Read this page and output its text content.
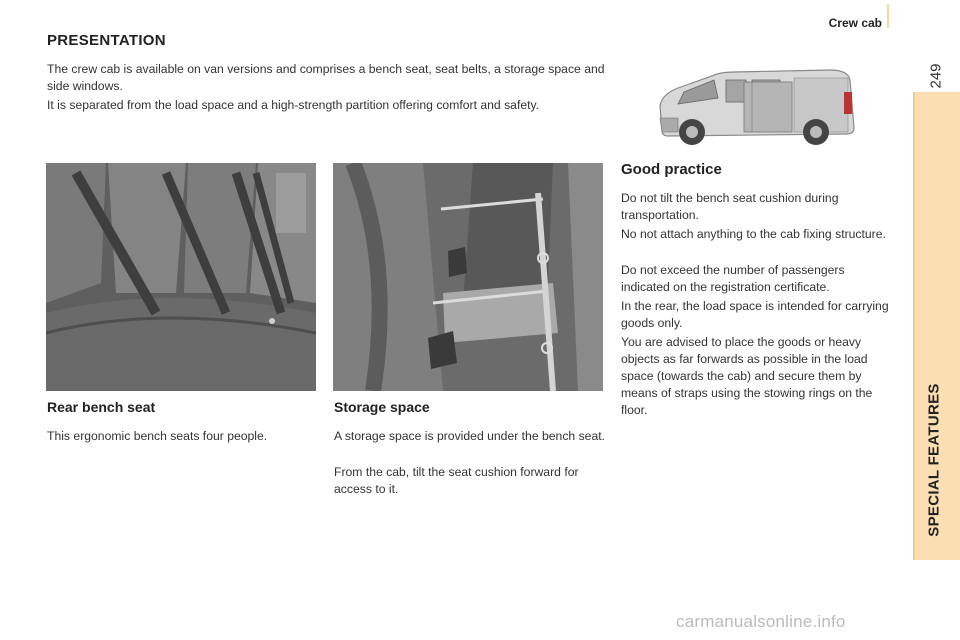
Crew cab
249
SPECIAL FEATURES
PRESENTATION

The crew cab is available on van versions and comprises a bench seat, seat belts, a storage space and side windows.

It is separated from the load space and a high-strength partition offering comfort and safety.

Rear bench seat

This ergonomic bench seats four people.

Storage space

A storage space is provided under the bench seat.

From the cab, tilt the seat cushion forward for access to it.

Good practice

Do not tilt the bench seat cushion during transportation.

No not attach anything to the cab fixing structure.

Do not exceed the number of passengers indicated on the registration certificate.

In the rear, the load space is intended for carrying goods only.

You are advised to place the goods or heavy objects as far forwards as possible in the load space (towards the cab) and secure them by means of straps using the stowing rings on the floor.

carmanualsonline.info
